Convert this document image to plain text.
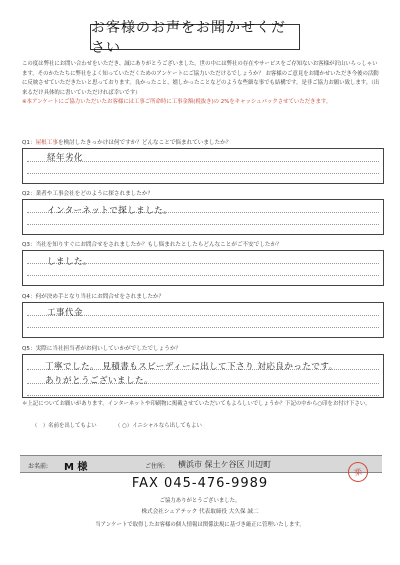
お客様のお声をお聞かせください
この度は弊社にお問い合わせをいただき、誠にありがとうございました。世の中には弊社の存在やサービスをご存知ないお客様が沢山いらっしゃいます。そのかたたちに弊社をよく知っていただくためのアンケートにご協力いただけるでしょうか？ お客様のご意見をお聞かせいただき今後の活動に反映させていただきたいと思っております。良かったこと、嬉しかったことなどのような些細な事でも結構です。是非ご協力お願い致します。（出来るだけ具体的に書いていただければ幸いです）
※本アンケートにご協力いただいたお客様には工事ご所命時に工事金額(税抜き)の 2%をキャッシュバックさせていただきます。
Q1：屋根工事を検討したきっかけは何ですか？どんなことで悩まれていましたか？
経年劣化
Q2：業者や工事会社をどのように探されましたか？
インターネットで探しました。
Q3：当社を知りすぐにお問合せをされましたか？もし悩まれたとしたらどんなことがご不安でしたか？
しました。
Q4：何が決め手となり当社にお問合せをされましたか？
工事代金
Q5：実際に当社担当者がお伺いしていかがでしたでしょうか？
丁寧でした。 見積書もスピーディーに出して下さり 対応良かったです。
ありがとうございました。
＊上記についてお願いがあります。インターネットや印刷物に掲載させていただいてもよろしいでしょうか？下記の中から○印をお付け下さい。
（　）名前を出してもよい	（ ○）イニシャルなら出してもよい
お名前: M 様	ご住所: 横浜市 保土ケ谷区 川辺町
楽
FAX 045-476-9989
ご協力ありがとうございました。
株式会社シェアテック 代表取締役 大久保 誠二
当アンケートで取得したお客様の個人情報は関係法規に基づき厳正に管理いたします。
